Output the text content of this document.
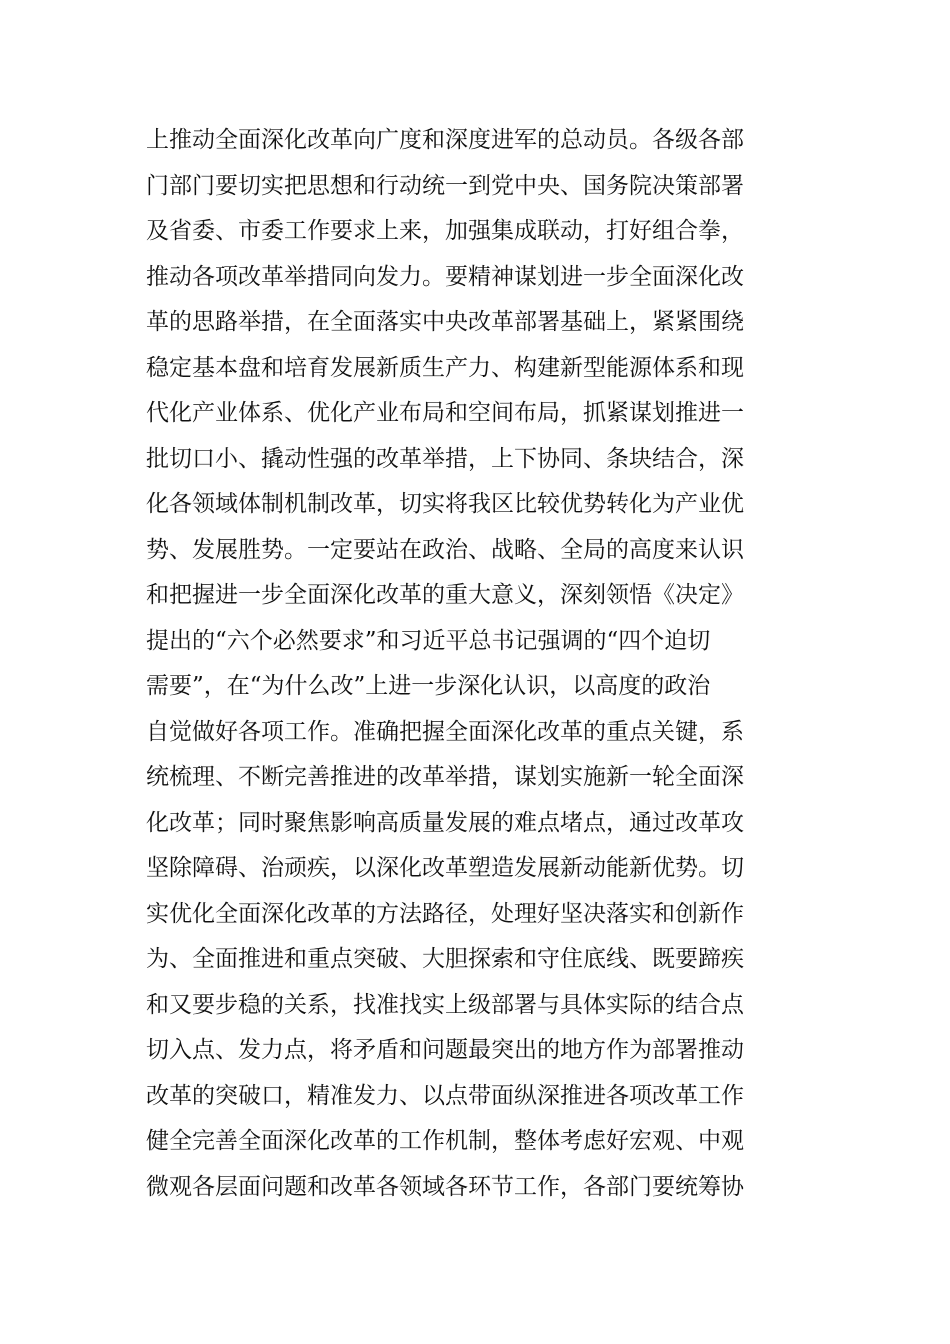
上推动全面深化改革向广度和深度进军的总动员。各级各部
门部门要切实把思想和行动统一到党中央、国务院决策部署
及省委、市委工作要求上来，加强集成联动，打好组合拳，
推动各项改革举措同向发力。要精神谋划进一步全面深化改
革的思路举措，在全面落实中央改革部署基础上，紧紧围绕
稳定基本盘和培育发展新质生产力、构建新型能源体系和现
代化产业体系、优化产业布局和空间布局，抓紧谋划推进一
批切口小、撬动性强的改革举措，上下协同、条块结合，深
化各领域体制机制改革，切实将我区比较优势转化为产业优
势、发展胜势。一定要站在政治、战略、全局的高度来认识
和把握进一步全面深化改革的重大意义，深刻领悟《决定》
提出的“六个必然要求”和习近平总书记强调的“四个迫切
需要”，在“为什么改”上进一步深化认识，以高度的政治
自觉做好各项工作。准确把握全面深化改革的重点关键，系
统梳理、不断完善推进的改革举措，谋划实施新一轮全面深
化改革；同时聚焦影响高质量发展的难点堵点，通过改革攻
坚除障碍、治顽疾，以深化改革塑造发展新动能新优势。切
实优化全面深化改革的方法路径，处理好坚决落实和创新作
为、全面推进和重点突破、大胆探索和守住底线、既要蹄疾
和又要步稳的关系，找准找实上级部署与具体实际的结合点
切入点、发力点，将矛盾和问题最突出的地方作为部署推动
改革的突破口，精准发力、以点带面纵深推进各项改革工作
健全完善全面深化改革的工作机制，整体考虑好宏观、中观
微观各层面问题和改革各领域各环节工作，各部门要统筹协
